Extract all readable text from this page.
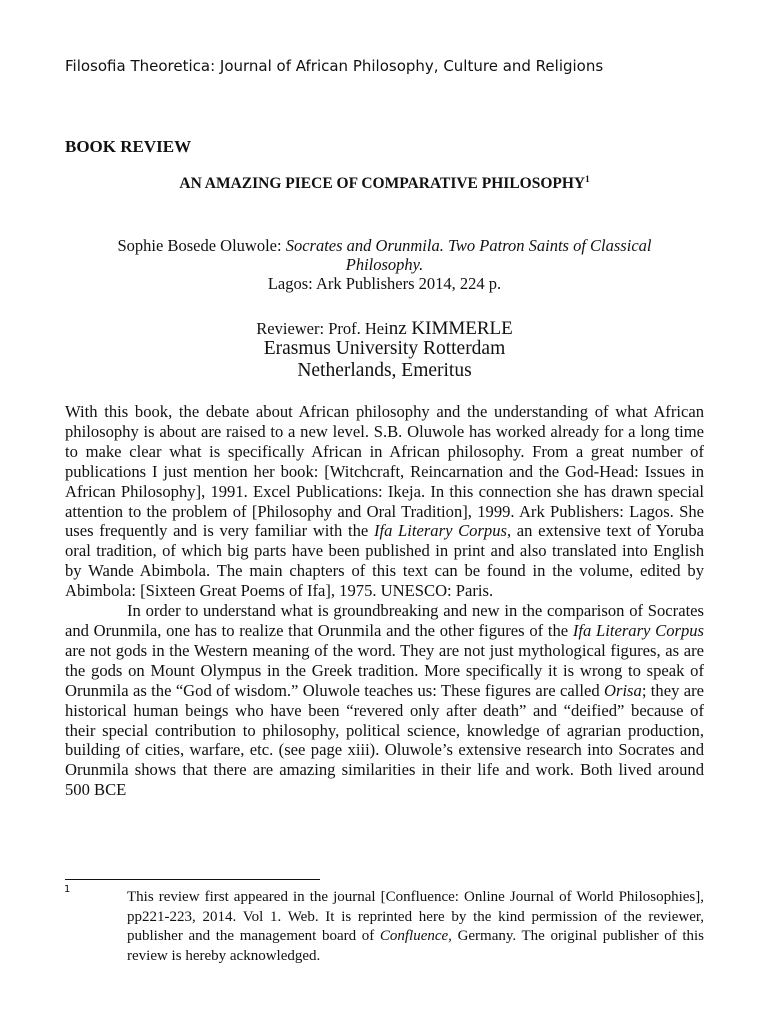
Filosofia Theoretica: Journal of African Philosophy, Culture and Religions
BOOK REVIEW
AN AMAZING PIECE OF COMPARATIVE PHILOSOPHY$^1$

Sophie Bosede Oluwole: Socrates and Orunmila. Two Patron Saints of Classical

Philosophy.

Lagos: Ark Publishers 2014, 224 p.

Reviewer: Prof. Heinz KIMMERLE
Erasmus University Rotterdam
Netherlands, Emeritus

With this book, the debate about African philosophy and the understanding of what African philosophy is about are raised to a new level. S.B. Oluwole has worked already for a long time to make clear what is specifically African in African philosophy. From a great number of publications I just mention her book: [Witchcraft, Reincarnation and the God-Head: Issues in African Philosophy], 1991. Excel Publications: Ikeja. In this connection she has drawn special attention to the problem of [Philosophy and Oral Tradition], 1999. Ark Publishers: Lagos. She uses frequently and is very familiar with the Ifa Literary Corpus, an extensive text of Yoruba oral tradition, of which big parts have been published in print and also translated into English by Wande Abimbola. The main chapters of this text can be found in the volume, edited by Abimbola: [Sixteen Great Poems of Ifa], 1975. UNESCO: Paris.

In order to understand what is groundbreaking and new in the comparison of Socrates and Orunmila, one has to realize that Orunmila and the other figures of the Ifa Literary Corpus are not gods in the Western meaning of the word. They are not just mythological figures, as are the gods on Mount Olympus in the Greek tradition. More specifically it is wrong to speak of Orunmila as the “God of wisdom.” Oluwole teaches us: These figures are called Orisa; they are historical human beings who have been “revered only after death” and “deified” because of their special contribution to philosophy, political science, knowledge of agrarian production, building of cities, warfare, etc. (see page xiii). Oluwole’s extensive research into Socrates and Orunmila shows that there are amazing similarities in their life and work. Both lived around 500 BCE

1	This review first appeared in the journal [Confluence: Online Journal of World Philosophies], pp221-223, 2014. Vol 1. Web. It is reprinted here by the kind permission of the reviewer, publisher and the management board of Confluence, Germany. The original publisher of this review is hereby acknowledged.
